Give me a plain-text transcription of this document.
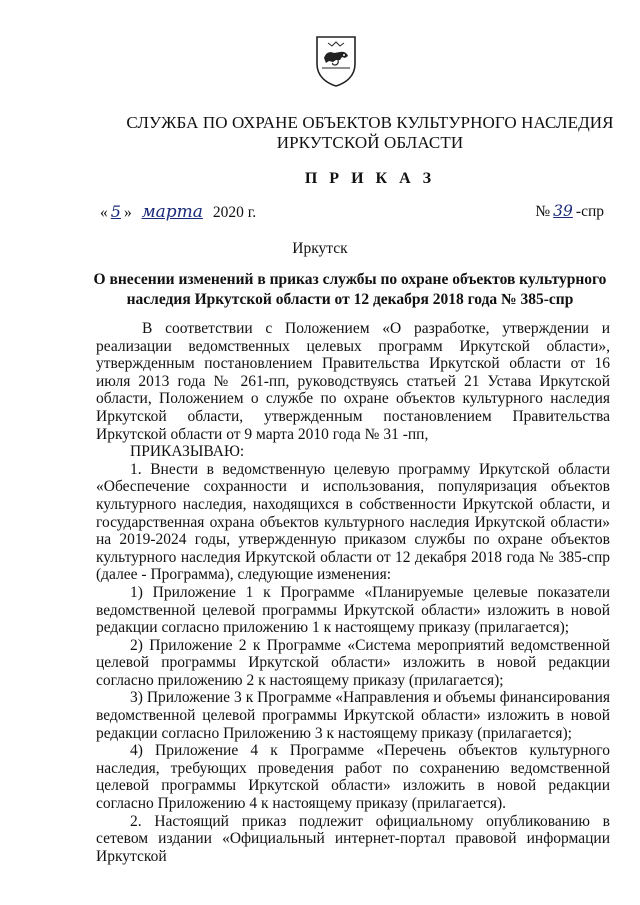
СЛУЖБА ПО ОХРАНЕ ОБЪЕКТОВ КУЛЬТУРНОГО НАСЛЕДИЯ
ИРКУТСКОЙ ОБЛАСТИ
П Р И К А З
« 5 » марта 2020 г.	№ 39 -спр
Иркутск
О внесении изменений в приказ службы по охране объектов культурного наследия Иркутской области от 12 декабря 2018 года № 385-спр

В соответствии с Положением «О разработке, утверждении и реализации ведомственных целевых программ Иркутской области», утвержденным постановлением Правительства Иркутской области от 16 июля 2013 года № 261-пп, руководствуясь статьей 21 Устава Иркутской области, Положением о службе по охране объектов культурного наследия Иркутской области, утвержденным постановлением Правительства Иркутской области от 9 марта 2010 года № 31 -пп,

ПРИКАЗЫВАЮ:

1. Внести в ведомственную целевую программу Иркутской области «Обеспечение сохранности и использования, популяризация объектов культурного наследия, находящихся в собственности Иркутской области, и государственная охрана объектов культурного наследия Иркутской области» на 2019-2024 годы, утвержденную приказом службы по охране объектов культурного наследия Иркутской области от 12 декабря 2018 года № 385-спр (далее - Программа), следующие изменения:

1) Приложение 1 к Программе «Планируемые целевые показатели ведомственной целевой программы Иркутской области» изложить в новой редакции согласно приложению 1 к настоящему приказу (прилагается);

2) Приложение 2 к Программе «Система мероприятий ведомственной целевой программы Иркутской области» изложить в новой редакции согласно приложению 2 к настоящему приказу (прилагается);

3) Приложение 3 к Программе «Направления и объемы финансирования ведомственной целевой программы Иркутской области» изложить в новой редакции согласно Приложению 3 к настоящему приказу (прилагается);

4) Приложение 4 к Программе «Перечень объектов культурного наследия, требующих проведения работ по сохранению ведомственной целевой программы Иркутской области» изложить в новой редакции согласно Приложению 4 к настоящему приказу (прилагается).

2. Настоящий приказ подлежит официальному опубликованию в сетевом издании «Официальный интернет-портал правовой информации Иркутской
